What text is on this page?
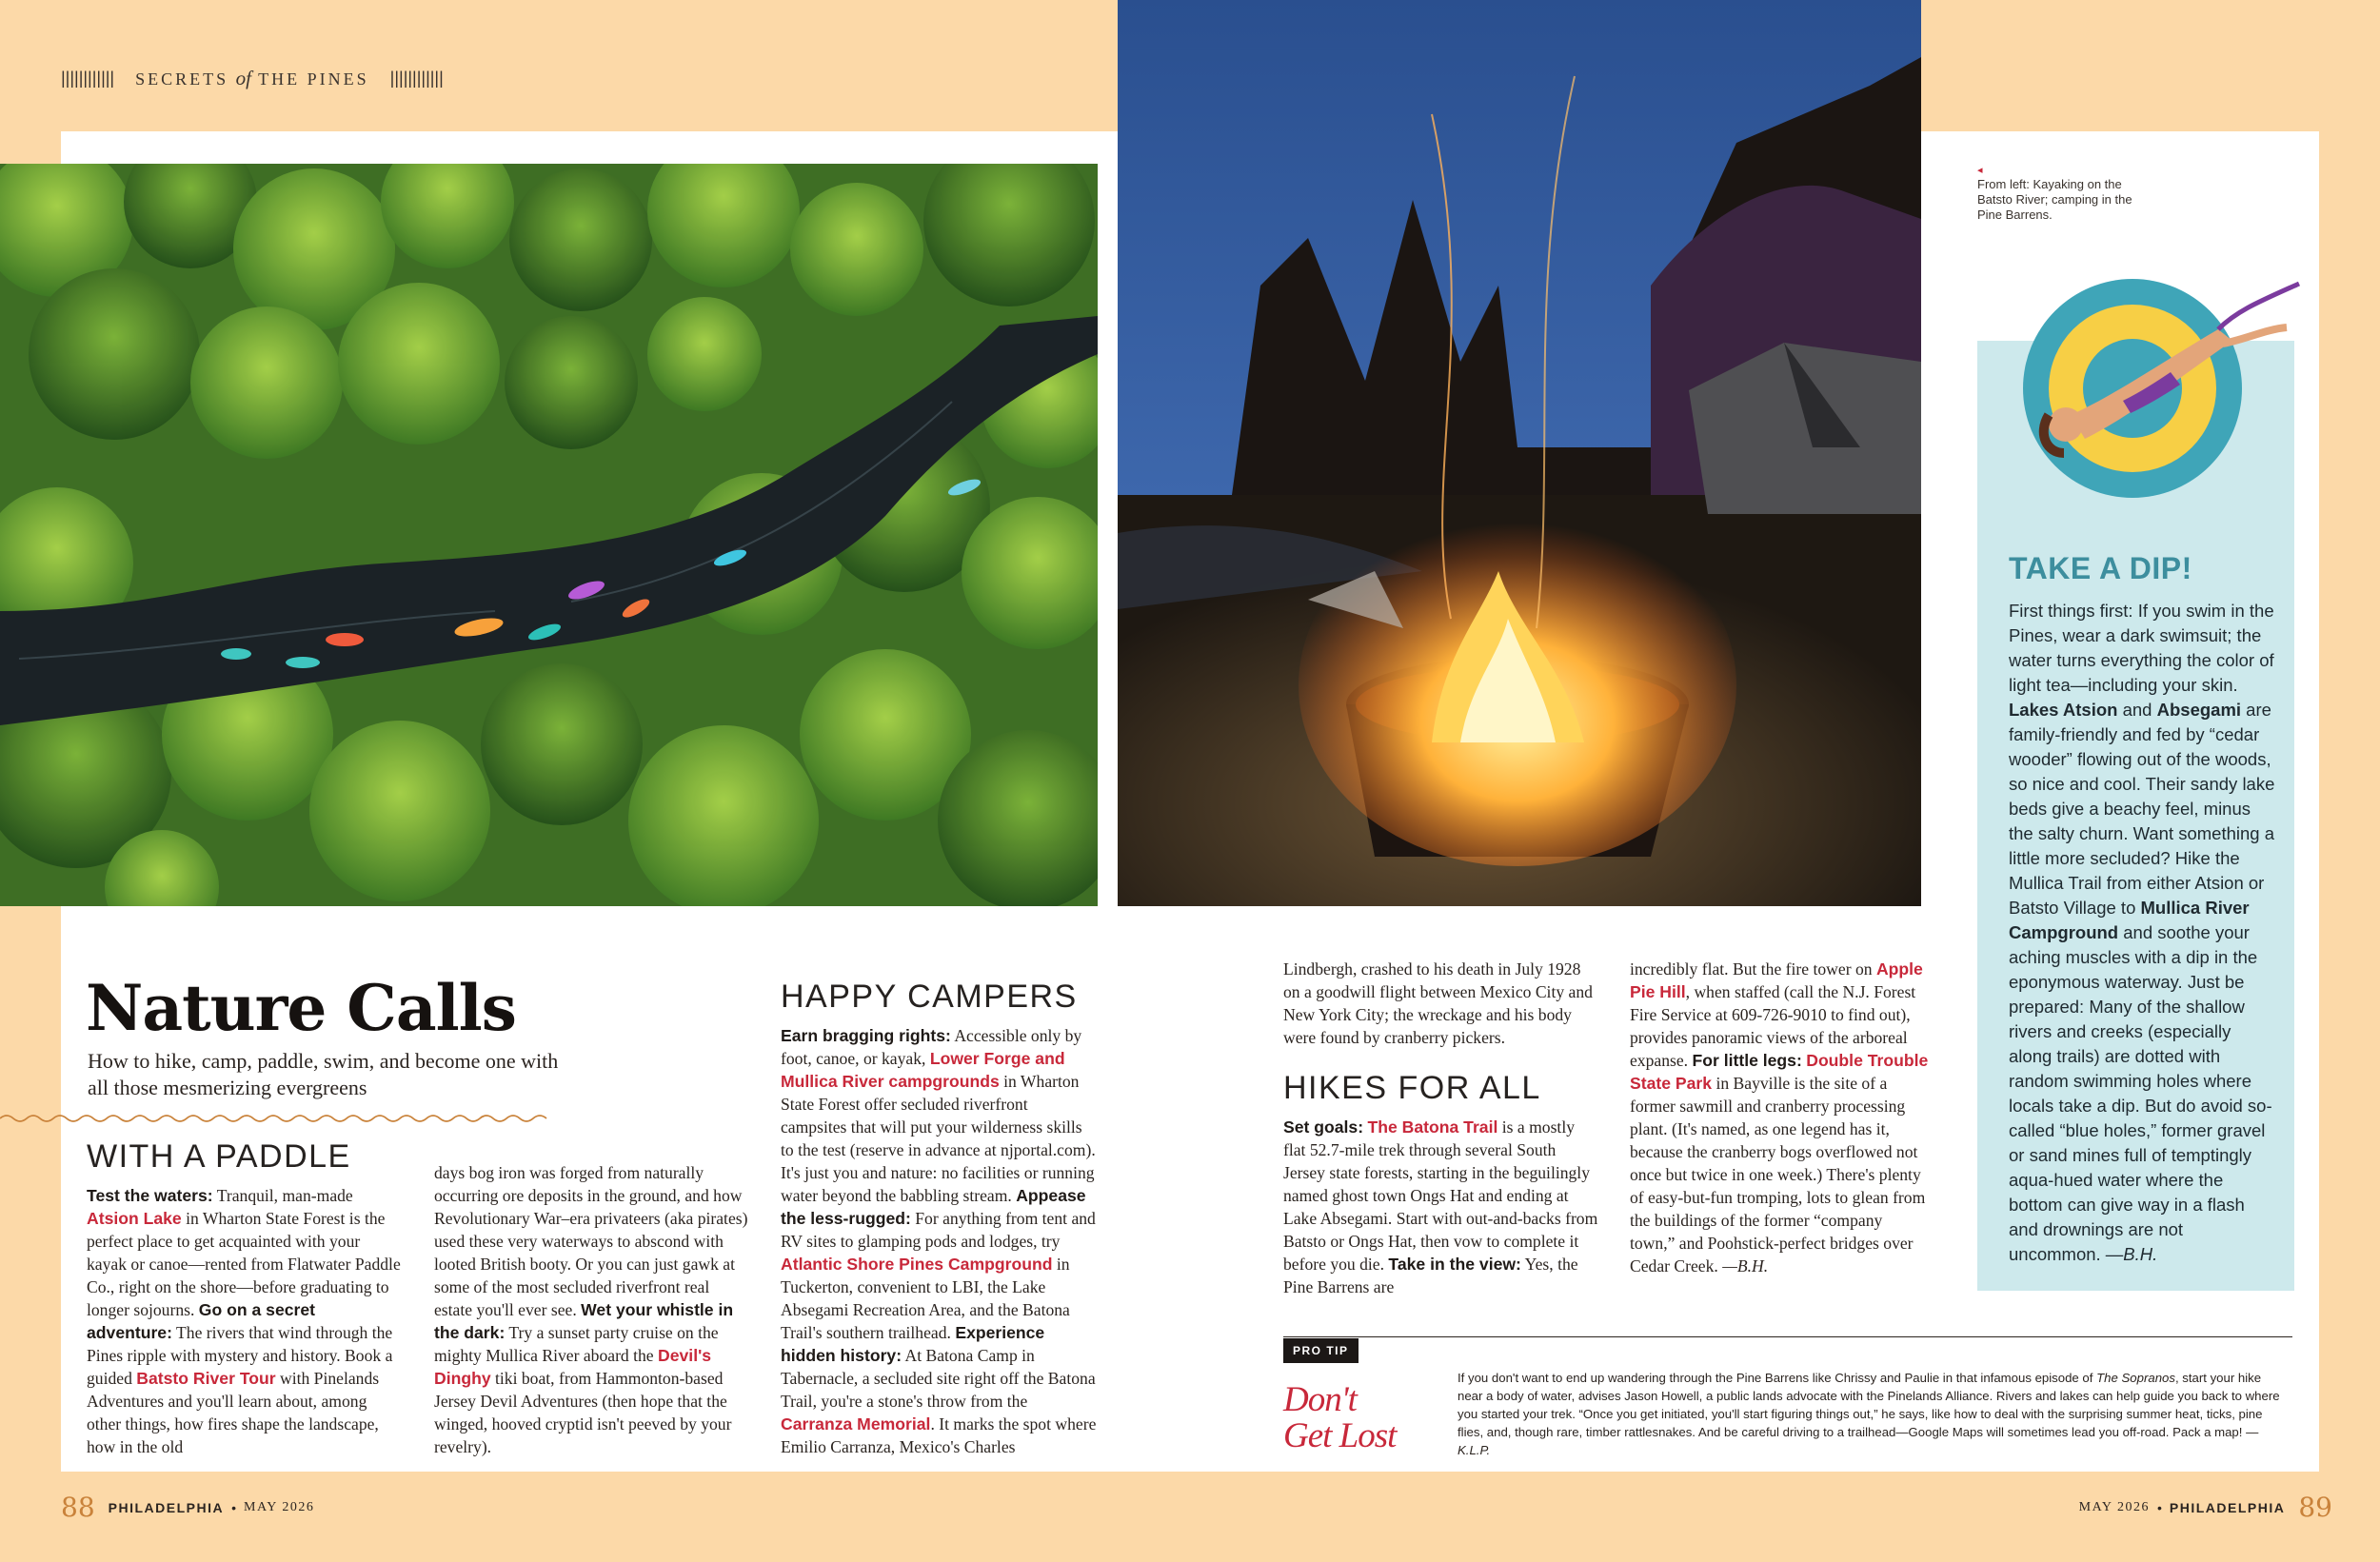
|||||||||||| SECRETS of THE PINES ||||||||||||
◂
From left: Kayaking on the Batsto River; camping in the Pine Barrens.
Nature Calls
How to hike, camp, paddle, swim, and become one with all those mesmerizing evergreens
WITH A PADDLE

Test the waters: Tranquil, man-made Atsion Lake in Wharton State Forest is the perfect place to get acquainted with your kayak or canoe—rented from Flatwater Paddle Co., right on the shore—before graduating to longer sojourns. Go on a secret adventure: The rivers that wind through the Pines ripple with mystery and history. Book a guided Batsto River Tour with Pinelands Adventures and you'll learn about, among other things, how fires shape the landscape, how in the old

days bog iron was forged from naturally occurring ore deposits in the ground, and how Revolutionary War–era privateers (aka pirates) used these very waterways to abscond with looted British booty. Or you can just gawk at some of the most secluded riverfront real estate you'll ever see. Wet your whistle in the dark: Try a sunset party cruise on the mighty Mullica River aboard the Devil's Dinghy tiki boat, from Hammonton-based Jersey Devil Adventures (then hope that the winged, hooved cryptid isn't peeved by your revelry).

HAPPY CAMPERS

Earn bragging rights: Accessible only by foot, canoe, or kayak, Lower Forge and Mullica River campgrounds in Wharton State Forest offer secluded riverfront campsites that will put your wilderness skills to the test (reserve in advance at njportal.com). It's just you and nature: no facilities or running water beyond the babbling stream. Appease the less-rugged: For anything from tent and RV sites to glamping pods and lodges, try Atlantic Shore Pines Campground in Tuckerton, convenient to LBI, the Lake Absegami Recreation Area, and the Batona Trail's southern trailhead. Experience hidden history: At Batona Camp in Tabernacle, a secluded site right off the Batona Trail, you're a stone's throw from the Carranza Memorial. It marks the spot where Emilio Carranza, Mexico's Charles

Lindbergh, crashed to his death in July 1928 on a goodwill flight between Mexico City and New York City; the wreckage and his body were found by cranberry pickers.
HIKES FOR ALL

Set goals: The Batona Trail is a mostly flat 52.7-mile trek through several South Jersey state forests, starting in the beguilingly named ghost town Ongs Hat and ending at Lake Absegami. Start with out-and-backs from Batsto or Ongs Hat, then vow to complete it before you die. Take in the view: Yes, the Pine Barrens are

incredibly flat. But the fire tower on Apple Pie Hill, when staffed (call the N.J. Forest Fire Service at 609-726-9010 to find out), provides panoramic views of the arboreal expanse. For little legs: Double Trouble State Park in Bayville is the site of a former sawmill and cranberry processing plant. (It's named, as one legend has it, because the cranberry bogs overflowed not once but twice in one week.) There's plenty of easy-but-fun tromping, lots to glean from the buildings of the former “company town,” and Poohstick-perfect bridges over Cedar Creek. —B.H.

PRO TIP
Don't
Get Lost
If you don't want to end up wandering through the Pine Barrens like Chrissy and Paulie in that infamous episode of The Sopranos, start your hike near a body of water, advises Jason Howell, a public lands advocate with the Pinelands Alliance. Rivers and lakes can help guide you back to where you started your trek. “Once you get initiated, you'll start figuring things out,” he says, like how to deal with the surprising summer heat, ticks, pine flies, and, though rare, timber rattlesnakes. And be careful driving to a trailhead—Google Maps will sometimes lead you off-road. Pack a map! —K.L.P.
TAKE A DIP!
First things first: If you swim in the Pines, wear a dark swimsuit; the water turns everything the color of light tea—including your skin. Lakes Atsion and Absegami are family-friendly and fed by “cedar wooder” flowing out of the woods, so nice and cool. Their sandy lake beds give a beachy feel, minus the salty churn. Want something a little more secluded? Hike the Mullica Trail from either Atsion or Batsto Village to Mullica River Campground and soothe your aching muscles with a dip in the eponymous waterway. Just be prepared: Many of the shallow rivers and creeks (especially along trails) are dotted with random swimming holes where locals take a dip. But do avoid so-called “blue holes,” former gravel or sand mines full of temptingly aqua-hued water where the bottom can give way in a flash and drownings are not uncommon. —B.H.
88 PHILADELPHIA • MAY 2026	MAY 2026 • PHILADELPHIA 89
